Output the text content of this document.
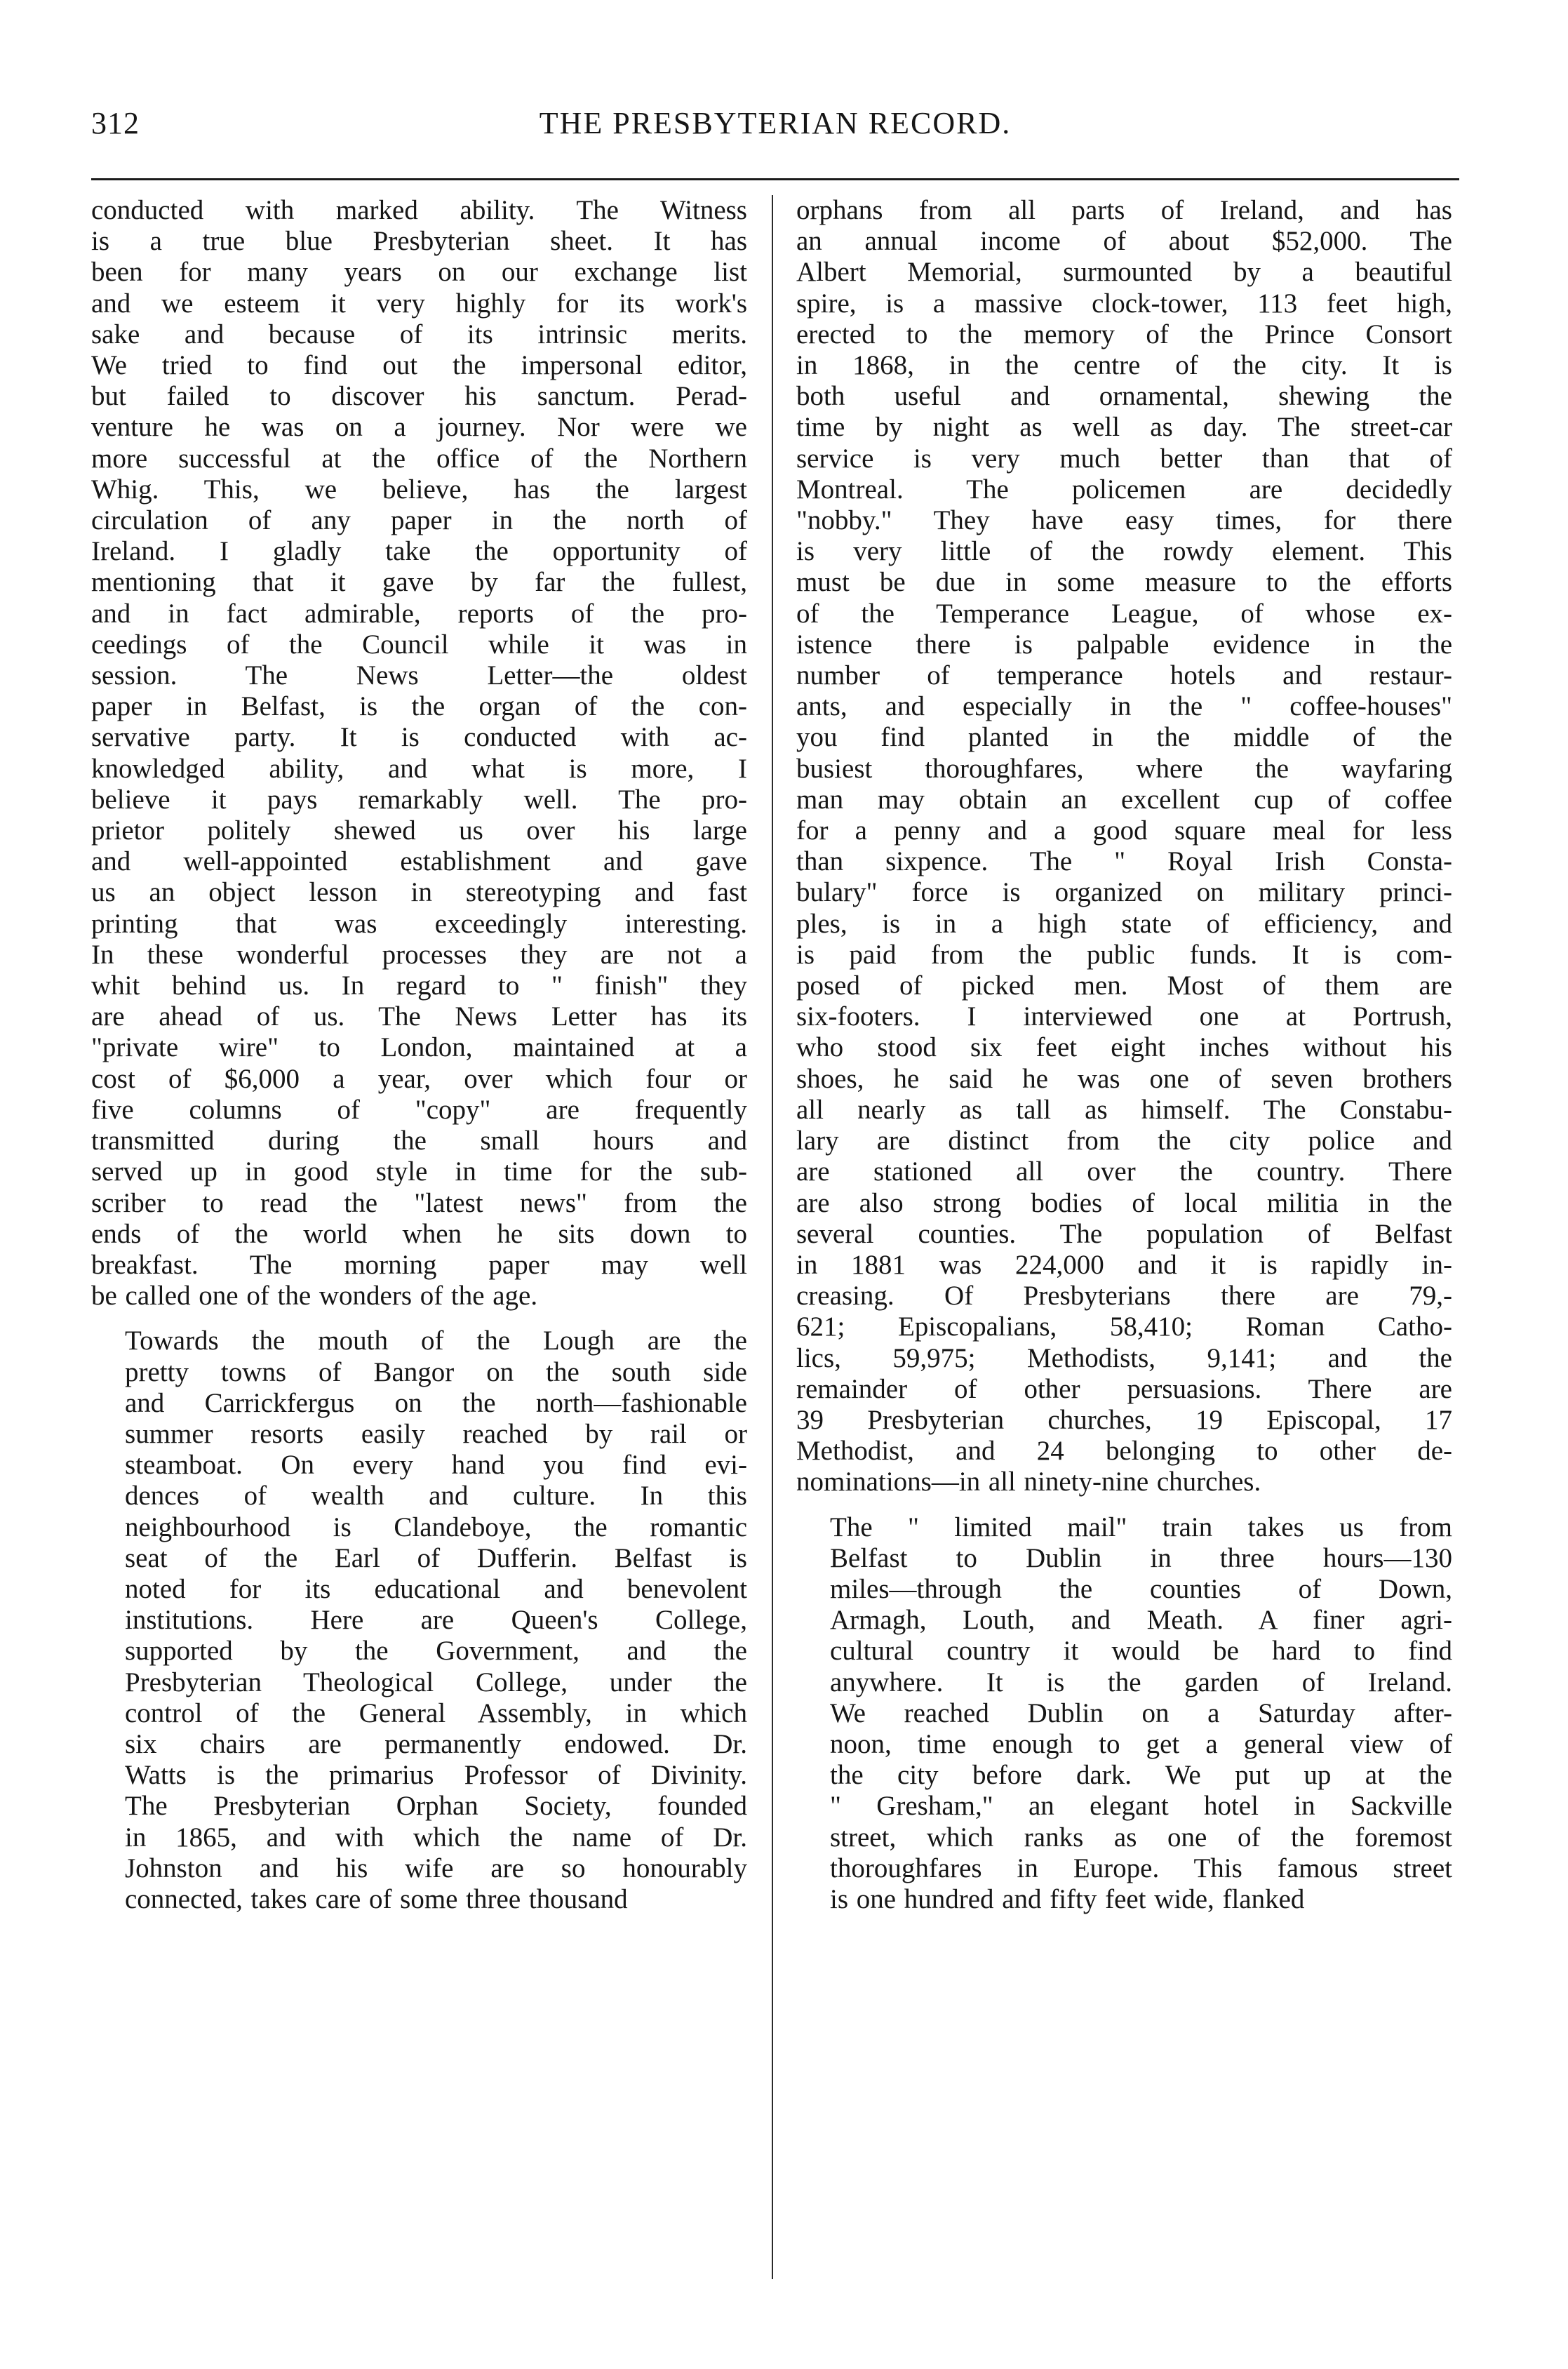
312	THE PRESBYTERIAN RECORD.

conducted with marked ability. The Witness
is a true blue Presbyterian sheet. It has
been for many years on our exchange list
and we esteem it very highly for its work's
sake and because of its intrinsic merits.
We tried to find out the impersonal editor,
but failed to discover his sanctum. Perad-
venture he was on a journey. Nor were we
more successful at the office of the Northern
Whig. This, we believe, has the largest
circulation of any paper in the north of
Ireland. I gladly take the opportunity of
mentioning that it gave by far the fullest,
and in fact admirable, reports of the pro-
ceedings of the Council while it was in
session. The News Letter—the oldest
paper in Belfast, is the organ of the con-
servative party. It is conducted with ac-
knowledged ability, and what is more, I
believe it pays remarkably well. The pro-
prietor politely shewed us over his large
and well-appointed establishment and gave
us an object lesson in stereotyping and fast
printing that was exceedingly interesting.
In these wonderful processes they are not a
whit behind us. In regard to " finish" they
are ahead of us. The News Letter has its
"private wire" to London, maintained at a
cost of $6,000 a year, over which four or
five columns of "copy" are frequently
transmitted during the small hours and
served up in good style in time for the sub-
scriber to read the "latest news" from the
ends of the world when he sits down to
breakfast. The morning paper may well
be called one of the wonders of the age.

Towards the mouth of the Lough are the
pretty towns of Bangor on the south side
and Carrickfergus on the north—fashionable
summer resorts easily reached by rail or
steamboat. On every hand you find evi-
dences of wealth and culture. In this
neighbourhood is Clandeboye, the romantic
seat of the Earl of Dufferin. Belfast is
noted for its educational and benevolent
institutions. Here are Queen's College,
supported by the Government, and the
Presbyterian Theological College, under the
control of the General Assembly, in which
six chairs are permanently endowed. Dr.
Watts is the primarius Professor of Divinity.
The Presbyterian Orphan Society, founded
in 1865, and with which the name of Dr.
Johnston and his wife are so honourably
connected, takes care of some three thousand

orphans from all parts of Ireland, and has
an annual income of about $52,000. The
Albert Memorial, surmounted by a beautiful
spire, is a massive clock-tower, 113 feet high,
erected to the memory of the Prince Consort
in 1868, in the centre of the city. It is
both useful and ornamental, shewing the
time by night as well as day. The street-car
service is very much better than that of
Montreal. The policemen are decidedly
"nobby." They have easy times, for there
is very little of the rowdy element. This
must be due in some measure to the efforts
of the Temperance League, of whose ex-
istence there is palpable evidence in the
number of temperance hotels and restaur-
ants, and especially in the " coffee-houses"
you find planted in the middle of the
busiest thoroughfares, where the wayfaring
man may obtain an excellent cup of coffee
for a penny and a good square meal for less
than sixpence. The " Royal Irish Consta-
bulary" force is organized on military princi-
ples, is in a high state of efficiency, and
is paid from the public funds. It is com-
posed of picked men. Most of them are
six-footers. I interviewed one at Portrush,
who stood six feet eight inches without his
shoes, he said he was one of seven brothers
all nearly as tall as himself. The Constabu-
lary are distinct from the city police and
are stationed all over the country. There
are also strong bodies of local militia in the
several counties. The population of Belfast
in 1881 was 224,000 and it is rapidly in-
creasing. Of Presbyterians there are 79,-
621; Episcopalians, 58,410; Roman Catho-
lics, 59,975; Methodists, 9,141; and the
remainder of other persuasions. There are
39 Presbyterian churches, 19 Episcopal, 17
Methodist, and 24 belonging to other de-
nominations—in all ninety-nine churches.

The " limited mail" train takes us from
Belfast to Dublin in three hours—130
miles—through the counties of Down,
Armagh, Louth, and Meath. A finer agri-
cultural country it would be hard to find
anywhere. It is the garden of Ireland.
We reached Dublin on a Saturday after-
noon, time enough to get a general view of
the city before dark. We put up at the
" Gresham," an elegant hotel in Sackville
street, which ranks as one of the foremost
thoroughfares in Europe. This famous street
is one hundred and fifty feet wide, flanked
